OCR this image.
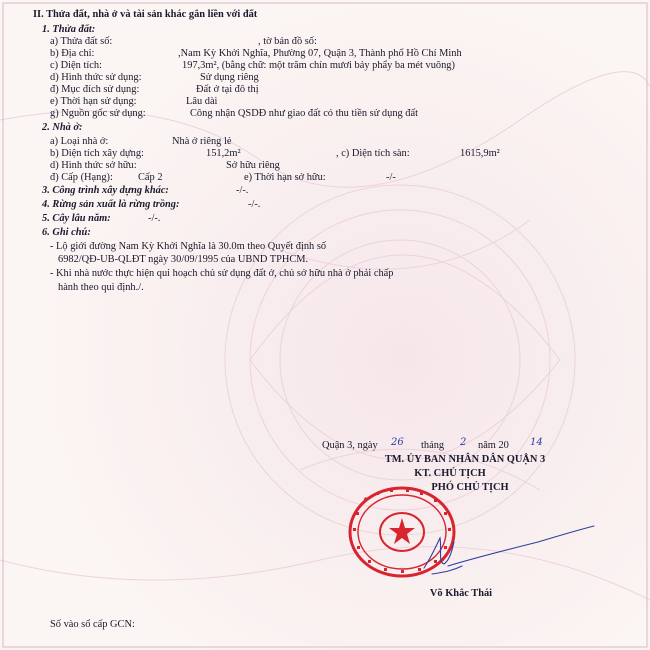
II. Thửa đất, nhà ở và tài sản khác gắn liền với đất
1. Thửa đất:
a) Thửa đất số:	, tờ bản đồ số:
b) Địa chỉ:	,Nam Kỳ Khởi Nghĩa, Phường 07, Quận 3, Thành phố Hồ Chí Minh
c) Diện tích:	197,3m², (bằng chữ: một trăm chín mươi bảy phẩy ba mét vuông)
d) Hình thức sử dụng:	Sử dụng riêng
đ) Mục đích sử dụng:	Đất ở tại đô thị
e) Thời hạn sử dụng:	Lâu dài
g) Nguồn gốc sử dụng:	Công nhận QSDĐ như giao đất có thu tiền sử dụng đất
2. Nhà ở:
a) Loại nhà ở:	Nhà ở riêng lẻ
b) Diện tích xây dựng:	151,2m²	, c) Diện tích sàn:	1615,9m²
d) Hình thức sở hữu:	Sở hữu riêng
đ) Cấp (Hạng): Cấp 2	e) Thời hạn sở hữu:	-/-
3. Công trình xây dựng khác:	-/-.
4. Rừng sản xuất là rừng trồng:	-/-.
5. Cây lâu năm:	-/-.
6. Ghi chú:
- Lộ giới đường Nam Kỳ Khởi Nghĩa là 30.0m theo Quyết định số
6982/QĐ-UB-QLĐT ngày 30/09/1995 của UBND TPHCM.
- Khi nhà nước thực hiện qui hoạch chủ sử dụng đất ở, chủ sở hữu nhà ở phải chấp
hành theo qui định./.
Quận 3, ngày 26 tháng 2 năm 20 14
TM. ỦY BAN NHÂN DÂN QUẬN 3
KT. CHỦ TỊCH
PHÓ CHỦ TỊCH
Võ Khắc Thái
Số vào sổ cấp GCN:
